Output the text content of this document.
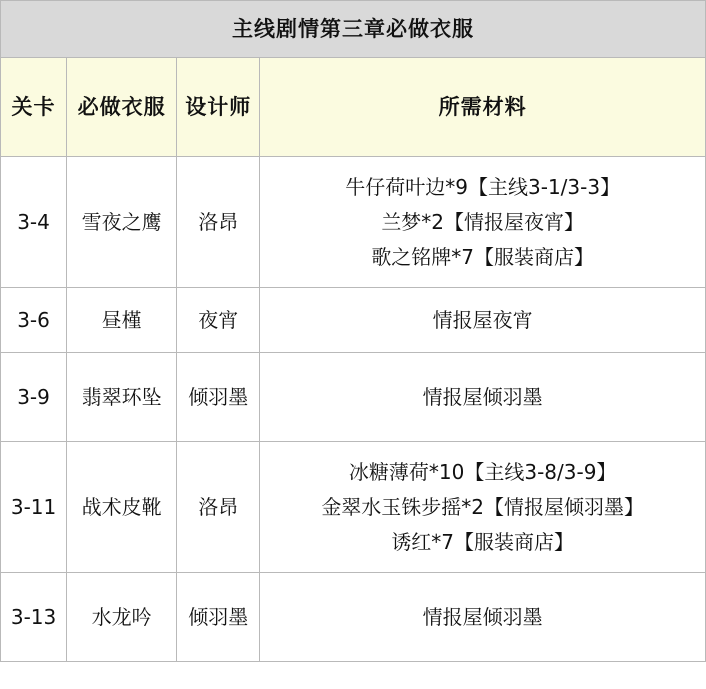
主线剧情第三章必做衣服			
关卡	必做衣服	设计师	所需材料
3-4	雪夜之鹰	洛昂	牛仔荷叶边*9【主线3-1/3-3】
兰梦*2【情报屋夜宵】
歌之铭牌*7【服装商店】

3-6	昼槿	夜宵	情报屋夜宵

3-9	翡翠环坠	倾羽墨	情报屋倾羽墨

3-11	战术皮靴	洛昂	冰糖薄荷*10【主线3-8/3-9】
金翠水玉铢步摇*2【情报屋倾羽墨】
诱红*7【服装商店】

3-13	水龙吟	倾羽墨	情报屋倾羽墨
